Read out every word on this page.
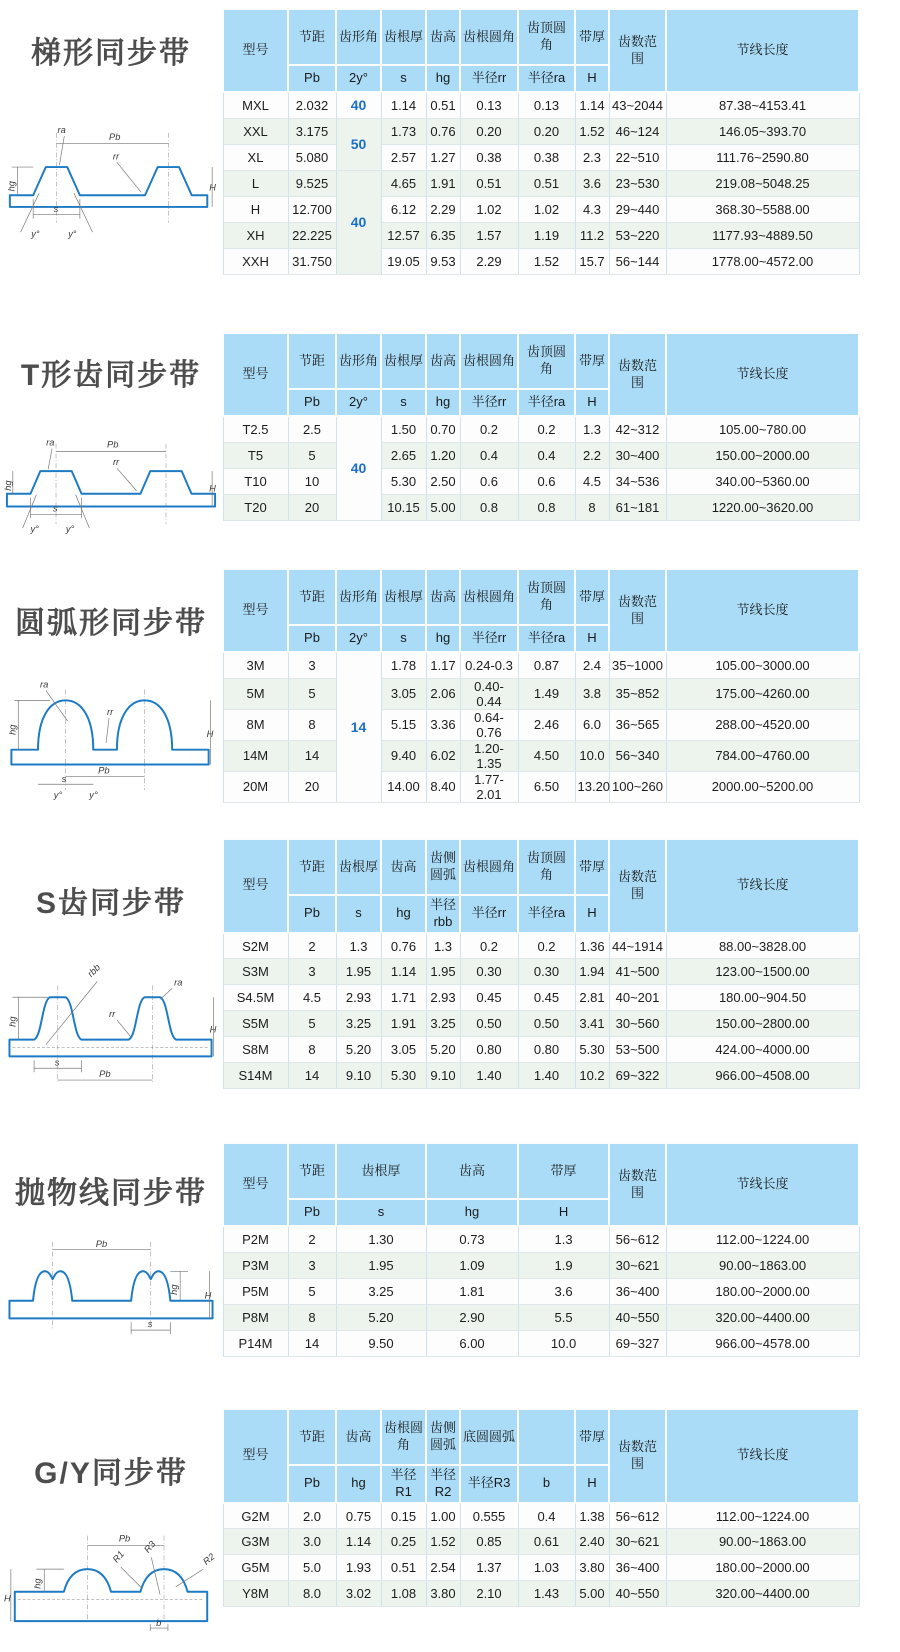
梯形同步带
Pb
ra
rr
hg	H
s
y°	y°
型号	节距	齿形角	齿根厚	齿高	齿根圆角	齿顶圆角	带厚	齿数范围	节线长度
	Pb	2y°	s	hg	半径rr	半径ra	H		
MXL	2.032	40	1.14	0.51	0.13	0.13	1.14	43~2044	87.38~4153.41
XXL	3.175	50	1.73	0.76	0.20	0.20	1.52	46~124	146.05~393.70
XL	5.080		2.57	1.27	0.38	0.38	2.3	22~510	111.76~2590.80
L	9.525	40	4.65	1.91	0.51	0.51	3.6	23~530	219.08~5048.25
H	12.700		6.12	2.29	1.02	1.02	4.3	29~440	368.30~5588.00
XH	22.225		12.57	6.35	1.57	1.19	11.2	53~220	1177.93~4889.50
XXH	31.750		19.05	9.53	2.29	1.52	15.7	56~144	1778.00~4572.00
T形齿同步带
Pb
ra
rr
hg	H
s
y°	y°
型号	节距	齿形角	齿根厚	齿高	齿根圆角	齿顶圆角	带厚	齿数范围	节线长度
	Pb	2y°	s	hg	半径rr	半径ra	H		
T2.5	2.5	40	1.50	0.70	0.2	0.2	1.3	42~312	105.00~780.00
T5	5		2.65	1.20	0.4	0.4	2.2	30~400	150.00~2000.00
T10	10		5.30	2.50	0.6	0.6	4.5	34~536	340.00~5360.00
T20	20		10.15	5.00	0.8	0.8	8	61~181	1220.00~3620.00
圆弧形同步带
ra
hg
rr
H
Pb
s
y°	y°
型号	节距	齿形角	齿根厚	齿高	齿根圆角	齿顶圆角	带厚	齿数范围	节线长度
	Pb	2y°	s	hg	半径rr	半径ra	H		
3M	3	14	1.78	1.17	0.24-0.3	0.87	2.4	35~1000	105.00~3000.00
5M	5		3.05	2.06	0.40-0.44	1.49	3.8	35~852	175.00~4260.00
8M	8		5.15	3.36	0.64-0.76	2.46	6.0	36~565	288.00~4520.00
14M	14		9.40	6.02	1.20-1.35	4.50	10.0	56~340	784.00~4760.00
20M	20		14.00	8.40	1.77-2.01	6.50	13.20	100~260	2000.00~5200.00
S齿同步带
rbb
ra
rr
hg
H
s
Pb
型号	节距	齿根厚	齿高	齿侧圆弧	齿根圆角	齿顶圆角	带厚	齿数范围	节线长度
	Pb	s	hg	半径rbb	半径rr	半径ra	H		
S2M	2	1.3	0.76	1.3	0.2	0.2	1.36	44~1914	88.00~3828.00
S3M	3	1.95	1.14	1.95	0.30	0.30	1.94	41~500	123.00~1500.00
S4.5M	4.5	2.93	1.71	2.93	0.45	0.45	2.81	40~201	180.00~904.50
S5M	5	3.25	1.91	3.25	0.50	0.50	3.41	30~560	150.00~2800.00
S8M	8	5.20	3.05	5.20	0.80	0.80	5.30	53~500	424.00~4000.00
S14M	14	9.10	5.30	9.10	1.40	1.40	10.2	69~322	966.00~4508.00
抛物线同步带
Pb
hg
H
s
型号	节距	齿根厚	齿高	带厚	齿数范围	节线长度
	Pb	s	hg	H		
P2M	2	1.30	0.73	1.3	56~612	112.00~1224.00
P3M	3	1.95	1.09	1.9	30~621	90.00~1863.00
P5M	5	3.25	1.81	3.6	36~400	180.00~2000.00
P8M	8	5.20	2.90	5.5	40~550	320.00~4400.00
P14M	14	9.50	6.00	10.0	69~327	966.00~4578.00
G/Y同步带
Pb
R1
R3
R2
hg
H
b
型号	节距	齿高	齿根圆角	齿侧圆弧	底圆圆弧		带厚	齿数范围	节线长度
	Pb	hg	半径R1	半径R2	半径R3	b	H		
G2M	2.0	0.75	0.15	1.00	0.555	0.4	1.38	56~612	112.00~1224.00
G3M	3.0	1.14	0.25	1.52	0.85	0.61	2.40	30~621	90.00~1863.00
G5M	5.0	1.93	0.51	2.54	1.37	1.03	3.80	36~400	180.00~2000.00
Y8M	8.0	3.02	1.08	3.80	2.10	1.43	5.00	40~550	320.00~4400.00
